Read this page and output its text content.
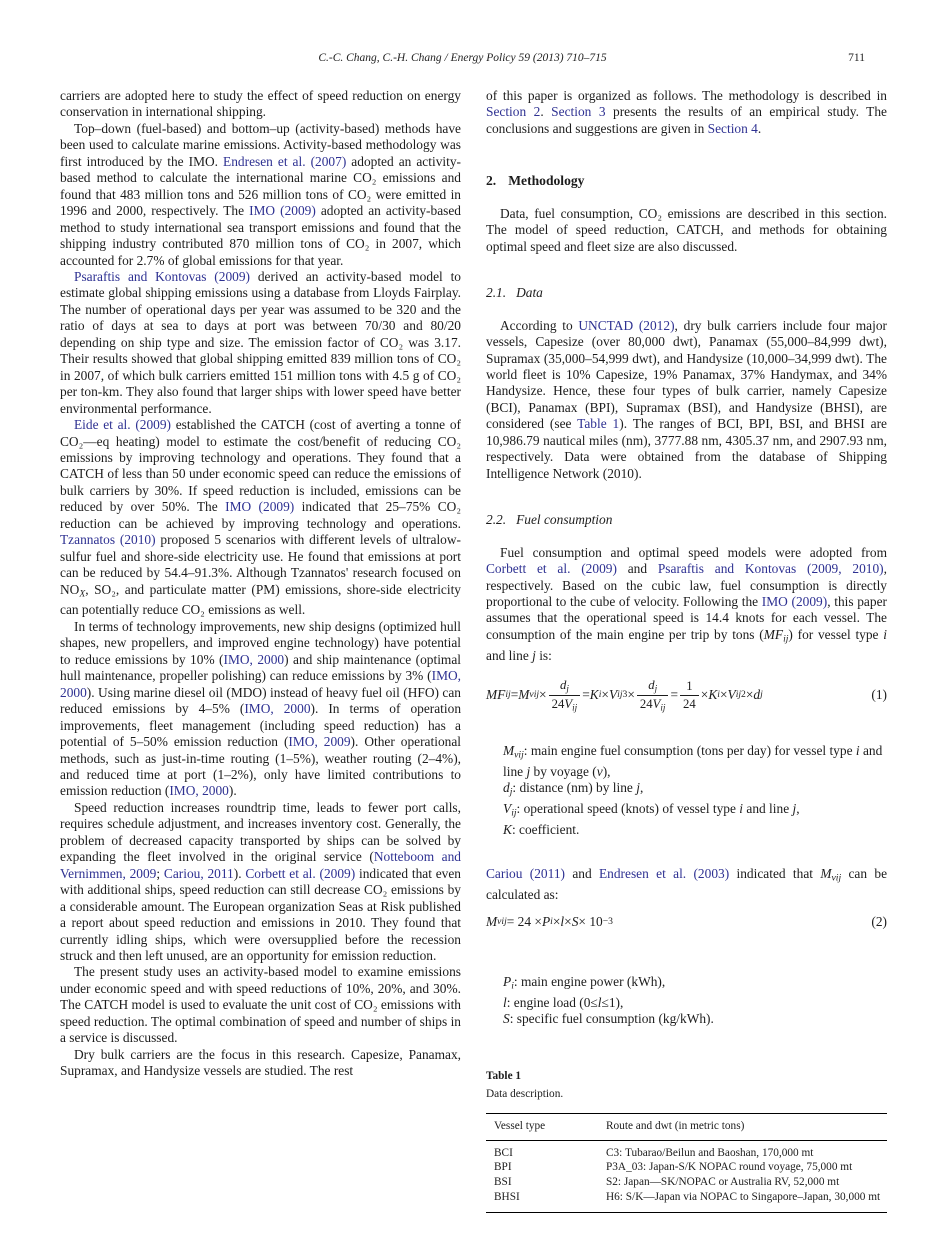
C.-C. Chang, C.-H. Chang / Energy Policy 59 (2013) 710–715	711

carriers are adopted here to study the effect of speed reduction on energy conservation in international shipping.

Top–down (fuel-based) and bottom–up (activity-based) methods have been used to calculate marine emissions. Activity-based methodology was first introduced by the IMO. Endresen et al. (2007) adopted an activity-based method to calculate the international marine CO₂ emissions and found that 483 million tons and 526 million tons of CO₂ were emitted in 1996 and 2000, respectively. The IMO (2009) adopted an activity-based method to study international sea transport emissions and found that the shipping industry contributed 870 million tons of CO₂ in 2007, which accounted for 2.7% of global emissions for that year.

Psaraftis and Kontovas (2009) derived an activity-based model to estimate global shipping emissions using a database from Lloyds Fairplay. The number of operational days per year was assumed to be 320 and the ratio of days at sea to days at port was between 70/30 and 80/20 depending on ship type and size. The emission factor of CO₂ was 3.17. Their results showed that global shipping emitted 839 million tons of CO₂ in 2007, of which bulk carriers emitted 151 million tons with 4.5 g of CO₂ per ton-km. They also found that larger ships with lower speed have better environmental performance.

Eide et al. (2009) established the CATCH (cost of averting a tonne of CO₂—eq heating) model to estimate the cost/benefit of reducing CO₂ emissions by improving technology and operations. They found that a CATCH of less than 50 under economic speed can reduce the emissions of bulk carriers by 30%. If speed reduction is included, emissions can be reduced by over 50%. The IMO (2009) indicated that 25–75% CO₂ reduction can be achieved by improving technology and operations. Tzannatos (2010) proposed 5 scenarios with different levels of ultralow-sulfur fuel and shore-side electricity use. He found that emissions at port can be reduced by 54.4–91.3%. Although Tzannatos' research focused on NOX, SO₂, and particulate matter (PM) emissions, shore-side electricity can potentially reduce CO₂ emissions as well.

In terms of technology improvements, new ship designs (optimized hull shapes, new propellers, and improved engine technology) have potential to reduce emissions by 10% (IMO, 2000) and ship maintenance (optimal hull maintenance, propeller polishing) can reduce emissions by 3% (IMO, 2000). Using marine diesel oil (MDO) instead of heavy fuel oil (HFO) can reduced emissions by 4–5% (IMO, 2000). In terms of operation improvements, fleet management (including speed reduction) has a potential of 5–50% emission reduction (IMO, 2009). Other operational methods, such as just-in-time routing (1–5%), weather routing (2–4%), and reduced time at port (1–2%), only have limited contributions to emission reduction (IMO, 2000).

Speed reduction increases roundtrip time, leads to fewer port calls, requires schedule adjustment, and increases inventory cost. Generally, the problem of decreased capacity transported by ships can be solved by expanding the fleet involved in the original service (Notteboom and Vernimmen, 2009; Cariou, 2011). Corbett et al. (2009) indicated that even with additional ships, speed reduction can still decrease CO₂ emissions by a considerable amount. The European organization Seas at Risk published a report about speed reduction and emissions in 2010. They found that currently idling ships, which were oversupplied before the recession struck and then left unused, are an opportunity for emission reduction.

The present study uses an activity-based model to examine emissions under economic speed and with speed reductions of 10%, 20%, and 30%. The CATCH model is used to evaluate the unit cost of CO₂ emissions with speed reduction. The optimal combination of speed and number of ships in a service is discussed.

Dry bulk carriers are the focus in this research. Capesize, Panamax, Supramax, and Handysize vessels are studied. The rest

of this paper is organized as follows. The methodology is described in Section 2. Section 3 presents the results of an empirical study. The conclusions and suggestions are given in Section 4.

2. Methodology

Data, fuel consumption, CO₂ emissions are described in this section. The model of speed reduction, CATCH, and methods for obtaining optimal speed and fleet size are also discussed.

2.1. Data

According to UNCTAD (2012), dry bulk carriers include four major vessels, Capesize (over 80,000 dwt), Panamax (55,000–84,999 dwt), Supramax (35,000–54,999 dwt), and Handysize (10,000–34,999 dwt). The world fleet is 10% Capesize, 19% Panamax, 37% Handymax, and 34% Handysize. Hence, these four types of bulk carrier, namely Capesize (BCI), Panamax (BPI), Supramax (BSI), and Handysize (BHSI), are considered (see Table 1). The ranges of BCI, BPI, BSI, and BHSI are 10,986.79 nautical miles (nm), 3777.88 nm, 4305.37 nm, and 2907.93 nm, respectively. Data were obtained from the database of Shipping Intelligence Network (2010).

2.2. Fuel consumption

Fuel consumption and optimal speed models were adopted from Corbett et al. (2009) and Psaraftis and Kontovas (2009, 2010), respectively. Based on the cubic law, fuel consumption is directly proportional to the cube of velocity. Following the IMO (2009), this paper assumes that the operational speed is 14.4 knots for each vessel. The consumption of the main engine per trip by tons (MFij) for vessel type i and line j is:

MF ij = M vij × $\frac{dj}{\text{24Vij}} = K$ i × V ij $3 \times \frac{dj}{\text{24Vij}} = \frac{1}{24} \times K$ i × V ij 2 × d j	(1)
Mvij: main engine fuel consumption (tons per day) for vessel type i and line j by voyage (v),
dj: distance (nm) by line j,
Vij: operational speed (knots) of vessel type i and line j,
K: coefficient.

Cariou (2011) and Endresen et al. (2003) indicated that Mvij can be calculated as:

M vij = 24 × P i × l × S × 10 −3	(2)
Pi: main engine power (kWh),
l: engine load (0≤l≤1),
S: specific fuel consumption (kg/kWh).
Table 1
Data description.
Vessel type	Route and dwt (in metric tons)
BCI	C3: Tubarao/Beilun and Baoshan, 170,000 mt
BPI	P3A_03: Japan-S/K NOPAC round voyage, 75,000 mt
BSI	S2: Japan—SK/NOPAC or Australia RV, 52,000 mt
BHSI	H6: S/K—Japan via NOPAC to Singapore–Japan, 30,000 mt
